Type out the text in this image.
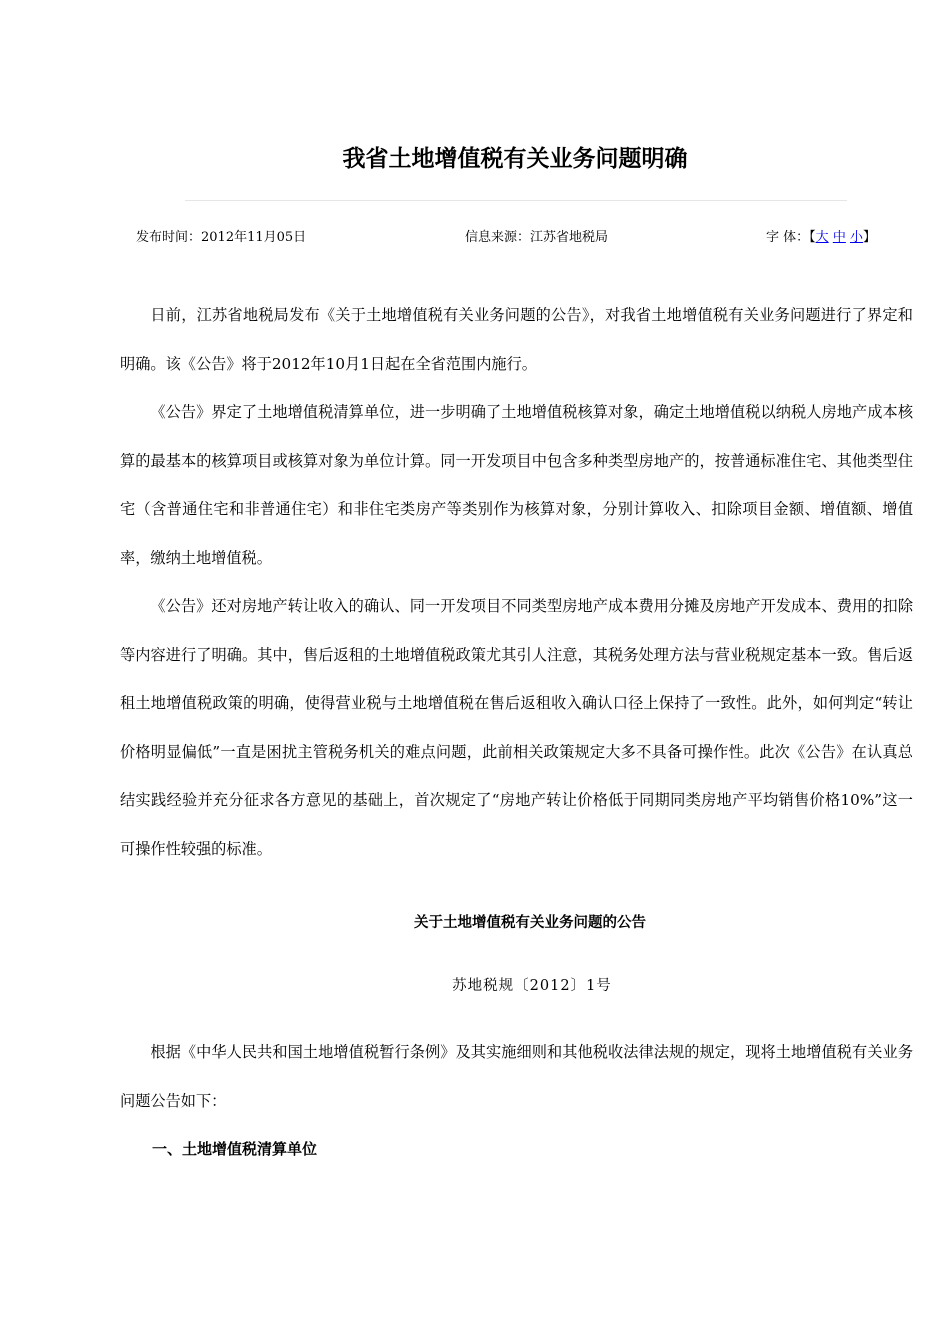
我省土地增值税有关业务问题明确
发布时间：2012年11月05日	信息来源：江苏省地税局	字 体：【大 中 小】

日前，江苏省地税局发布《关于土地增值税有关业务问题的公告》，对我省土地增值税有关业务问题进行了界定和明确。该《公告》将于2012年10月1日起在全省范围内施行。

《公告》界定了土地增值税清算单位，进一步明确了土地增值税核算对象，确定土地增值税以纳税人房地产成本核算的最基本的核算项目或核算对象为单位计算。同一开发项目中包含多种类型房地产的，按普通标准住宅、其他类型住宅（含普通住宅和非普通住宅）和非住宅类房产等类别作为核算对象，分别计算收入、扣除项目金额、增值额、增值率，缴纳土地增值税。

《公告》还对房地产转让收入的确认、同一开发项目不同类型房地产成本费用分摊及房地产开发成本、费用的扣除等内容进行了明确。其中，售后返租的土地增值税政策尤其引人注意，其税务处理方法与营业税规定基本一致。售后返租土地增值税政策的明确，使得营业税与土地增值税在售后返租收入确认口径上保持了一致性。此外，如何判定“转让价格明显偏低”一直是困扰主管税务机关的难点问题，此前相关政策规定大多不具备可操作性。此次《公告》在认真总结实践经验并充分征求各方意见的基础上，首次规定了“房地产转让价格低于同期同类房地产平均销售价格10%”这一可操作性较强的标准。

关于土地增值税有关业务问题的公告
苏地税规〔2012〕1号

根据《中华人民共和国土地增值税暂行条例》及其实施细则和其他税收法律法规的规定，现将土地增值税有关业务问题公告如下：

一、土地增值税清算单位
